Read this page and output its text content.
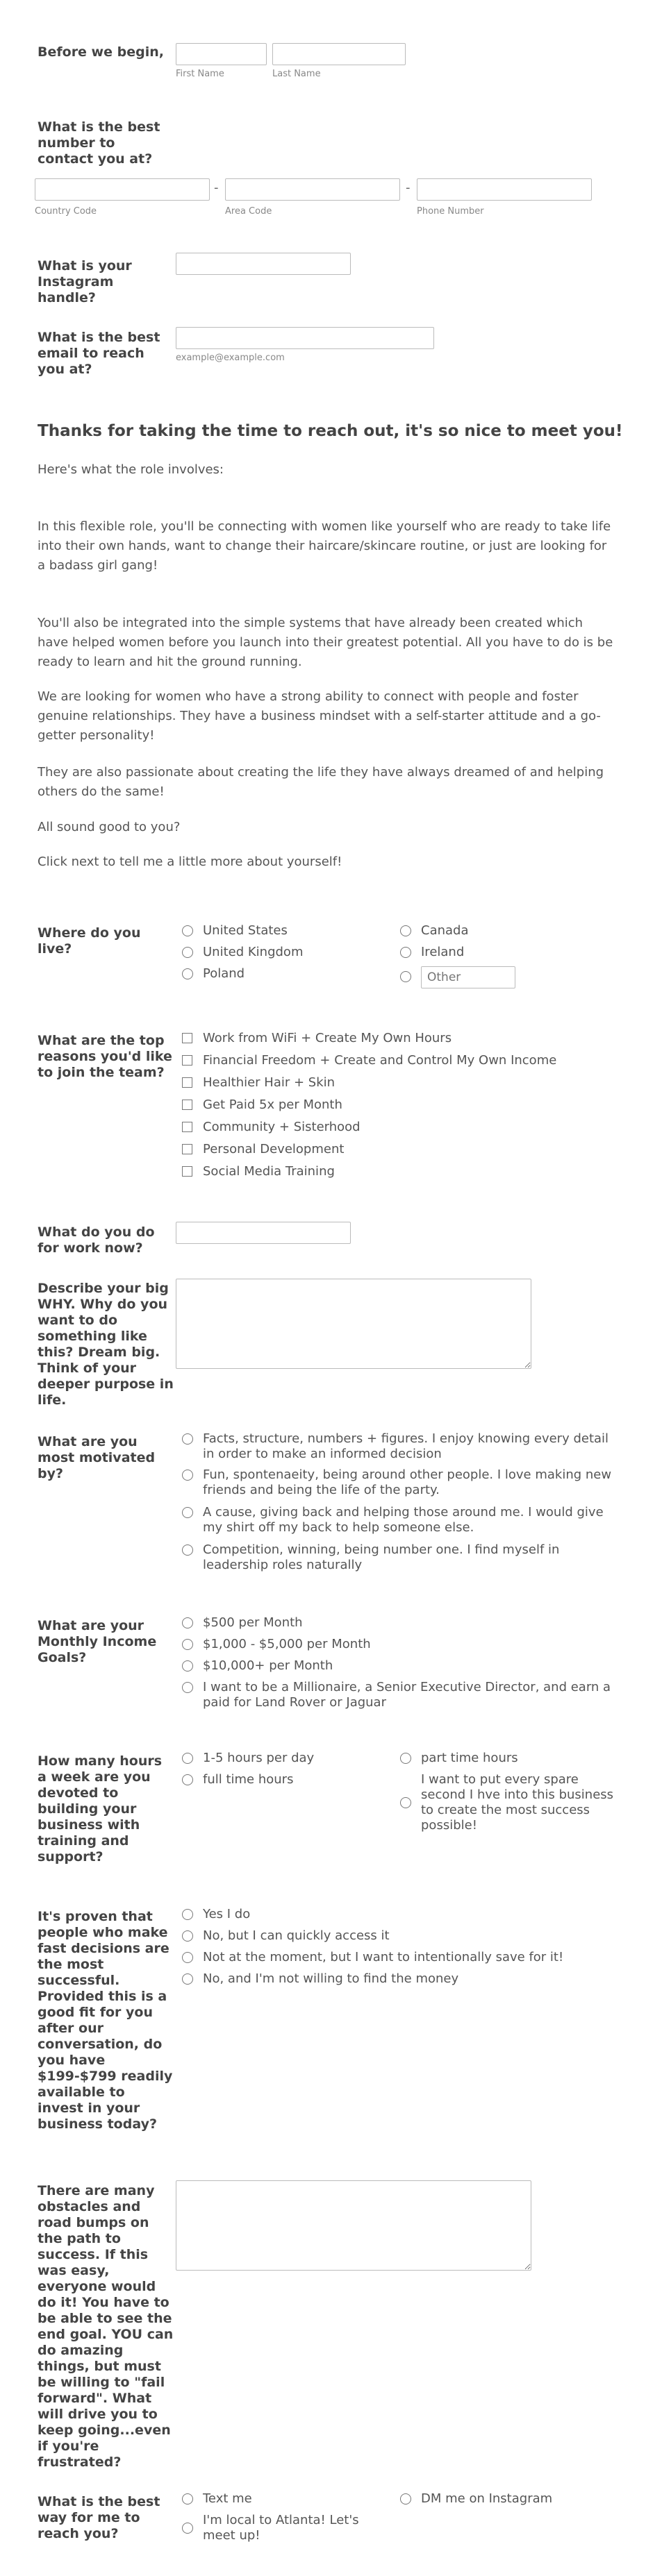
Before we begin,
First Name	Last Name
What is the best number to contact you at?
-	-
Country Code	Area Code	Phone Number
What is your Instagram handle?
What is the best email to reach you at?
example@example.com
Thanks for taking the time to reach out, it's so nice to meet you!
Here's what the role involves:
In this flexible role, you'll be connecting with women like yourself who are ready to take life into their own hands, want to change their haircare/skincare routine, or just are looking for a badass girl gang!
You'll also be integrated into the simple systems that have already been created which have helped women before you launch into their greatest potential. All you have to do is be ready to learn and hit the ground running.
We are looking for women who have a strong ability to connect with people and foster genuine relationships. They have a business mindset with a self-starter attitude and a go-getter personality!
They are also passionate about creating the life they have always dreamed of and helping others do the same!
All sound good to you?
Click next to tell me a little more about yourself!
Where do you live?
United States
United Kingdom
Poland
Canada
Ireland
Other
What are the top reasons you'd like to join the team?
Work from WiFi + Create My Own Hours
Financial Freedom + Create and Control My Own Income
Healthier Hair + Skin
Get Paid 5x per Month
Community + Sisterhood
Personal Development
Social Media Training
What do you do for work now?
Describe your big WHY. Why do you want to do something like this? Dream big. Think of your deeper purpose in life.
What are you most motivated by?
Facts, structure, numbers + figures. I enjoy knowing every detail in order to make an informed decision
Fun, spontenaeity, being around other people. I love making new friends and being the life of the party.
A cause, giving back and helping those around me. I would give my shirt off my back to help someone else.
Competition, winning, being number one. I find myself in leadership roles naturally
What are your Monthly Income Goals?
$500 per Month
$1,000 - $5,000 per Month
$10,000+ per Month
I want to be a Millionaire, a Senior Executive Director, and earn a paid for Land Rover or Jaguar
How many hours a week are you devoted to building your business with training and support?
1-5 hours per day
full time hours
part time hours
I want to put every spare second I hve into this business to create the most success possible!
It's proven that people who make fast decisions are the most successful. Provided this is a good fit for you after our conversation, do you have $199-$799 readily available to invest in your business today?
Yes I do
No, but I can quickly access it
Not at the moment, but I want to intentionally save for it!
No, and I'm not willing to find the money
There are many obstacles and road bumps on the path to success. If this was easy, everyone would do it! You have to be able to see the end goal. YOU can do amazing things, but must be willing to "fail forward". What will drive you to keep going...even if you're frustrated?
What is the best way for me to reach you?
Text me
I'm local to Atlanta! Let's meet up!
DM me on Instagram
